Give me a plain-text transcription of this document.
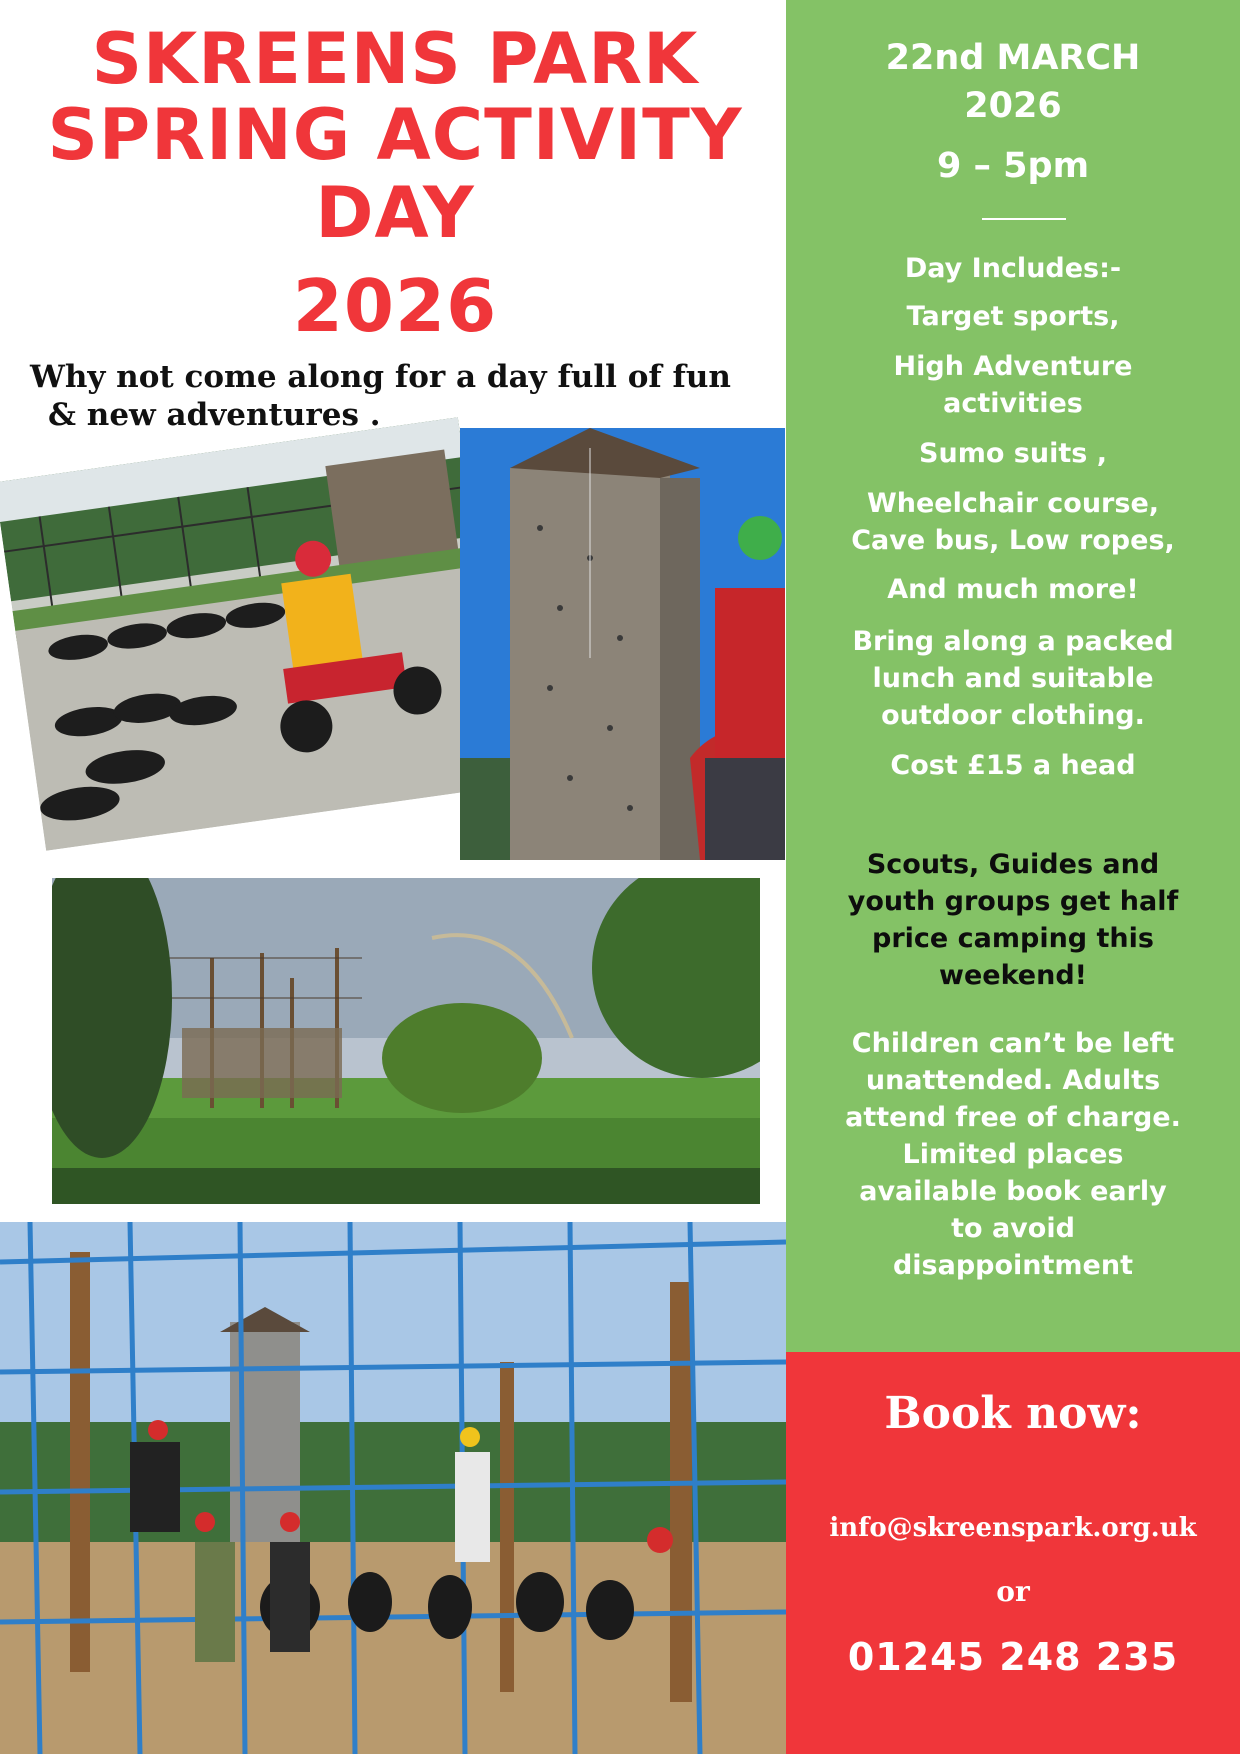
SKREENS PARK

SPRING ACTIVITY

DAY

2026

Why not come along for a day full of fun

& new adventures .

22nd MARCH

2026

9 – 5pm

Day Includes:-

Target sports,

High Adventure

activities

Sumo suits ,

Wheelchair course,

Cave bus, Low ropes,

And much more!

Bring along a packed

lunch and suitable

outdoor clothing.

Cost £15 a head

Scouts, Guides and

youth groups get half

price camping this

weekend!

Children can’t be left

unattended. Adults

attend free of charge.

Limited places

available book early

to avoid

disappointment

Book now:

info@skreenspark.org.uk

or

01245 248 235
